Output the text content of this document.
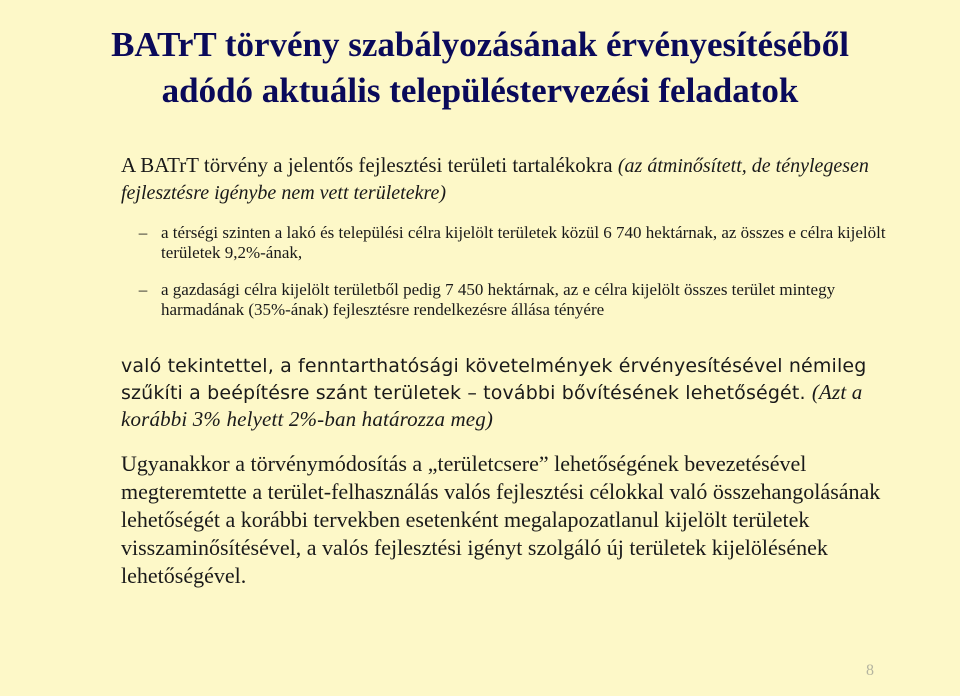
BATrT törvény szabályozásának érvényesítéséből
adódó aktuális településtervezési feladatok
A BATrT törvény a jelentős fejlesztési területi tartalékokra (az átminősített, de ténylegesen fejlesztésre igénybe nem vett területekre)
– a térségi szinten a lakó és települési célra kijelölt területek közül 6 740 hektárnak, az összes e célra kijelölt területek 9,2%-ának,
– a gazdasági célra kijelölt területből pedig 7 450 hektárnak, az e célra kijelölt összes terület mintegy harmadának (35%-ának) fejlesztésre rendelkezésre állása tényére

való tekintettel, a fenntarthatósági követelmények érvényesítésével némileg szűkíti a beépítésre szánt területek – további bővítésének lehetőségét. (Azt a korábbi 3% helyett 2%-ban határozza meg)

Ugyanakkor a törvénymódosítás a „területcsere” lehetőségének bevezetésével megteremtette a terület-felhasználás valós fejlesztési célokkal való összehangolásának lehetőségét a korábbi tervekben esetenként megalapozatlanul kijelölt területek visszaminősítésével, a valós fejlesztési igényt szolgáló új területek kijelölésének lehetőségével.

8
